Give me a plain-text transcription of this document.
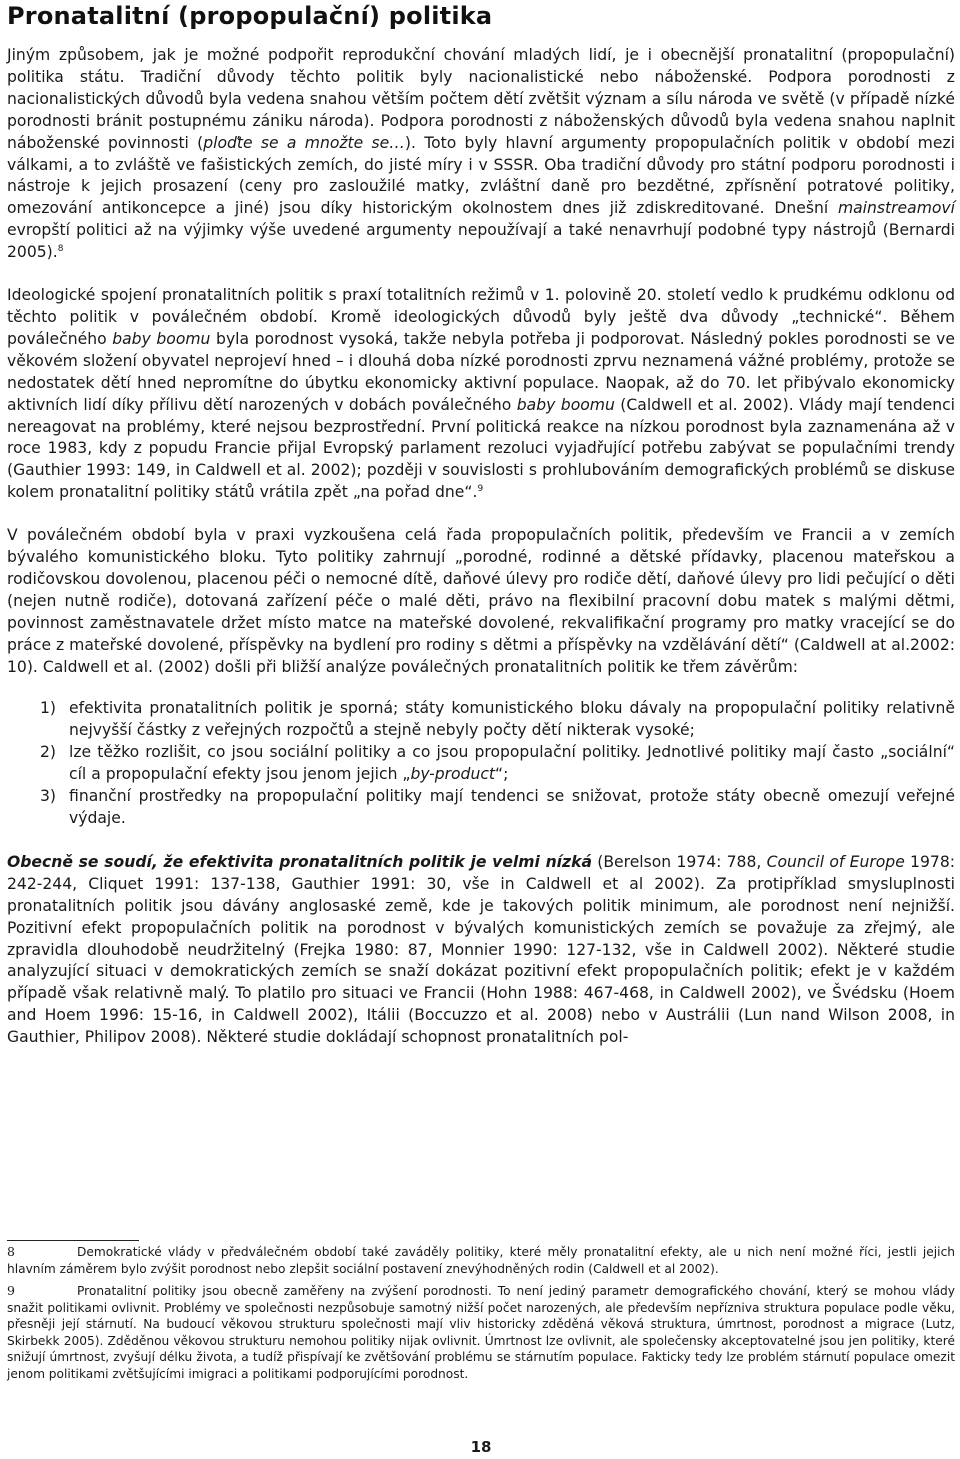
Pronatalitní (propopulační) politika

Jiným způsobem, jak je možné podpořit reprodukční chování mladých lidí, je i obecnější pronatalitní (propopulační) politika státu. Tradiční důvody těchto politik byly nacionalistické nebo náboženské. Podpora porodnosti z nacionalistických důvodů byla vedena snahou větším počtem dětí zvětšit význam a sílu národa ve světě (v případě nízké porodnosti bránit postupnému zániku národa). Podpora porodnosti z náboženských důvodů byla vedena snahou naplnit náboženské povinnosti (ploďte se a množte se…). Toto byly hlavní argumenty propopulačních politik v období mezi válkami, a to zvláště ve fašistických zemích, do jisté míry i v SSSR. Oba tradiční důvody pro státní podporu porodnosti i nástroje k jejich prosazení (ceny pro zasloužilé matky, zvláštní daně pro bezdětné, zpřísnění potratové politiky, omezování antikoncepce a jiné) jsou díky historickým okolnostem dnes již zdiskreditované. Dnešní mainstreamoví evropští politici až na výjimky výše uvedené argumenty nepoužívají a také nenavrhují podobné typy nástrojů (Bernardi 2005).$^8$

Ideologické spojení pronatalitních politik s praxí totalitních režimů v 1. polovině 20. století vedlo k prudkému odklonu od těchto politik v poválečném období. Kromě ideologických důvodů byly ještě dva důvody „technické“. Během poválečného baby boomu byla porodnost vysoká, takže nebyla potřeba ji podporovat. Následný pokles porodnosti se ve věkovém složení obyvatel neprojeví hned – i dlouhá doba nízké porodnosti zprvu neznamená vážné problémy, protože se nedostatek dětí hned nepromítne do úbytku ekonomicky aktivní populace. Naopak, až do 70. let přibývalo ekonomicky aktivních lidí díky přílivu dětí narozených v dobách poválečného baby boomu (Caldwell et al. 2002). Vlády mají tendenci nereagovat na problémy, které nejsou bezprostřední. První politická reakce na nízkou porodnost byla zaznamenána až v roce 1983, kdy z popudu Francie přijal Evropský parlament rezoluci vyjadřující potřebu zabývat se populačními trendy (Gauthier 1993: 149, in Caldwell et al. 2002); později v souvislosti s prohlubováním demografických problémů se diskuse kolem pronatalitní politiky států vrátila zpět „na pořad dne“.$^9$

V poválečném období byla v praxi vyzkoušena celá řada propopulačních politik, především ve Francii a v zemích bývalého komunistického bloku. Tyto politiky zahrnují „porodné, rodinné a dětské přídavky, placenou mateřskou a rodičovskou dovolenou, placenou péči o nemocné dítě, daňové úlevy pro rodiče dětí, daňové úlevy pro lidi pečující o děti (nejen nutně rodiče), dotovaná zařízení péče o malé děti, právo na flexibilní pracovní dobu matek s malými dětmi, povinnost zaměstnavatele držet místo matce na mateřské dovolené, rekvalifikační programy pro matky vracející se do práce z mateřské dovolené, příspěvky na bydlení pro rodiny s dětmi a příspěvky na vzdělávání dětí“ (Caldwell at al.2002: 10). Caldwell et al. (2002) došli při bližší analýze poválečných pronatalitních politik ke třem závěrům:

1) efektivita pronatalitních politik je sporná; státy komunistického bloku dávaly na propopulační politiky relativně nejvyšší částky z veřejných rozpočtů a stejně nebyly počty dětí nikterak vysoké;
2) lze těžko rozlišit, co jsou sociální politiky a co jsou propopulační politiky. Jednotlivé politiky mají často „sociální“ cíl a propopulační efekty jsou jenom jejich „by-product“;
3) finanční prostředky na propopulační politiky mají tendenci se snižovat, protože státy obecně omezují veřejné výdaje.

Obecně se soudí, že efektivita pronatalitních politik je velmi nízká (Berelson 1974: 788, Council of Europe 1978: 242-244, Cliquet 1991: 137-138, Gauthier 1991: 30, vše in Caldwell et al 2002). Za protipříklad smysluplnosti pronatalitních politik jsou dávány anglosaské země, kde je takových politik minimum, ale porodnost není nejnižší. Pozitivní efekt propopulačních politik na porodnost v bývalých komunistických zemích se považuje za zřejmý, ale zpravidla dlouhodobě neudržitelný (Frejka 1980: 87, Monnier 1990: 127-132, vše in Caldwell 2002). Některé studie analyzující situaci v demokratických zemích se snaží dokázat pozitivní efekt propopulačních politik; efekt je v každém případě však relativně malý. To platilo pro situaci ve Francii (Hohn 1988: 467-468, in Caldwell 2002), ve Švédsku (Hoem and Hoem 1996: 15-16, in Caldwell 2002), Itálii (Boccuzzo et al. 2008) nebo v Austrálii (Lun nand Wilson 2008, in Gauthier, Philipov 2008). Některé studie dokládají schopnost pronatalitních pol-

8	Demokratické vlády v předválečném období také zaváděly politiky, které měly pronatalitní efekty, ale u nich není možné říci, jestli jejich hlavním záměrem bylo zvýšit porodnost nebo zlepšit sociální postavení znevýhodněných rodin (Caldwell et al 2002).

9	Pronatalitní politiky jsou obecně zaměřeny na zvýšení porodnosti. To není jediný parametr demografického chování, který se mohou vlády snažit politikami ovlivnit. Problémy ve společnosti nezpůsobuje samotný nižší počet narozených, ale především nepřízniva struktura populace podle věku, přesněji její stárnutí. Na budoucí věkovou strukturu společnosti mají vliv historicky zděděná věková struktura, úmrtnost, porodnost a migrace (Lutz, Skirbekk 2005). Zděděnou věkovou strukturu nemohou politiky nijak ovlivnit. Úmrtnost lze ovlivnit, ale společensky akceptovatelné jsou jen politiky, které snižují úmrtnost, zvyšují délku života, a tudíž přispívají ke zvětšování problému se stárnutím populace. Fakticky tedy lze problém stárnutí populace omezit jenom politikami zvětšujícími imigraci a politikami podporujícími porodnost.

18
